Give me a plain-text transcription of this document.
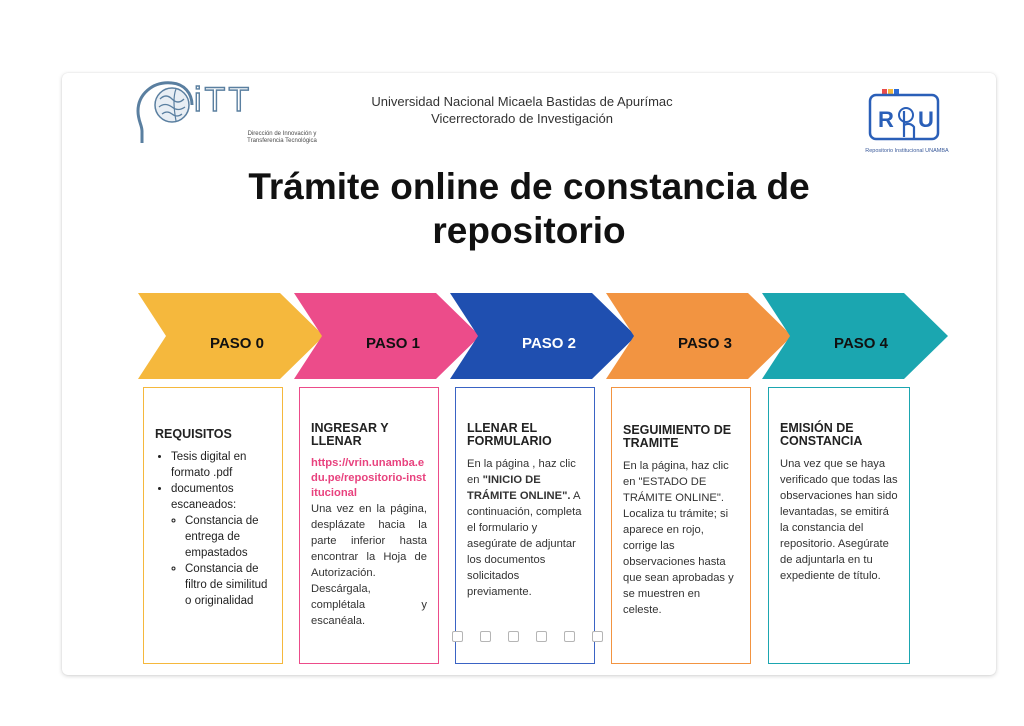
iTT
Dirección de Innovación y Transferencia Tecnológica
Universidad Nacional Micaela Bastidas de Apurímac
Vicerrectorado de Investigación	R U
Repositorio Institucional UNAMBA
Trámite online de constancia de repositorio
PASO 0	PASO 1	PASO 2	PASO 3	PASO 4
REQUISITOS
• Tesis digital en formato .pdf
• documentos escaneados:
◦ Constancia de entrega de empastados
◦ Constancia de filtro de similitud o originalidad
INGRESAR Y LLENAR
https://vrin.unamba.edu.pe/repositorio-institucional

Una vez en la página, desplázate hacia la parte inferior hasta encontrar la Hoja de Autorización. Descárgala, complétala y escanéala.

LLENAR EL FORMULARIO

En la página , haz clic en "INICIO DE TRÁMITE ONLINE". A continuación, completa el formulario y asegúrate de adjuntar los documentos solicitados previamente.

SEGUIMIENTO DE TRAMITE

En la página, haz clic en "ESTADO DE TRÁMITE ONLINE". Localiza tu trámite; si aparece en rojo, corrige las observaciones hasta que sean aprobadas y se muestren en celeste.

EMISIÓN DE CONSTANCIA

Una vez que se haya verificado que todas las observaciones han sido levantadas, se emitirá la constancia del repositorio. Asegúrate de adjuntarla en tu expediente de título.
